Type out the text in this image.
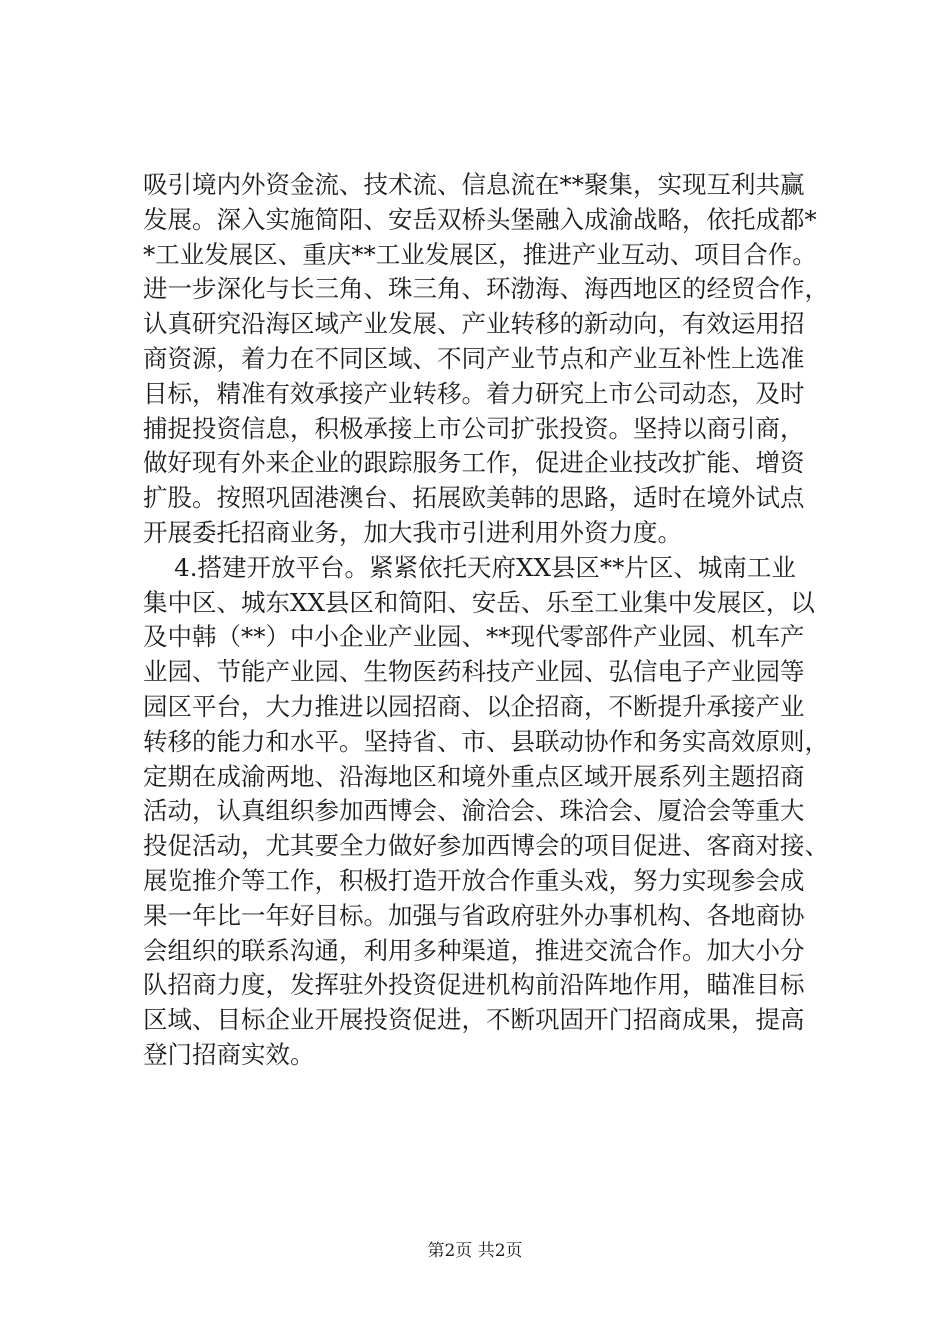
吸引境内外资金流、技术流、信息流在**聚集，实现互利共赢
发展。深入实施简阳、安岳双桥头堡融入成渝战略，依托成都*
*工业发展区、重庆**工业发展区，推进产业互动、项目合作。
进一步深化与长三角、珠三角、环渤海、海西地区的经贸合作，
认真研究沿海区域产业发展、产业转移的新动向，有效运用招
商资源，着力在不同区域、不同产业节点和产业互补性上选准
目标，精准有效承接产业转移。着力研究上市公司动态，及时
捕捉投资信息，积极承接上市公司扩张投资。坚持以商引商，
做好现有外来企业的跟踪服务工作，促进企业技改扩能、增资
扩股。按照巩固港澳台、拓展欧美韩的思路，适时在境外试点
开展委托招商业务，加大我市引进利用外资力度。
4.搭建开放平台。紧紧依托天府XX县区**片区、城南工业
集中区、城东XX县区和简阳、安岳、乐至工业集中发展区，以
及中韩（**）中小企业产业园、**现代零部件产业园、机车产
业园、节能产业园、生物医药科技产业园、弘信电子产业园等
园区平台，大力推进以园招商、以企招商，不断提升承接产业
转移的能力和水平。坚持省、市、县联动协作和务实高效原则，
定期在成渝两地、沿海地区和境外重点区域开展系列主题招商
活动，认真组织参加西博会、渝洽会、珠洽会、厦洽会等重大
投促活动，尤其要全力做好参加西博会的项目促进、客商对接、
展览推介等工作，积极打造开放合作重头戏，努力实现参会成
果一年比一年好目标。加强与省政府驻外办事机构、各地商协
会组织的联系沟通，利用多种渠道，推进交流合作。加大小分
队招商力度，发挥驻外投资促进机构前沿阵地作用，瞄准目标
区域、目标企业开展投资促进，不断巩固开门招商成果，提高
登门招商实效。
第2页 共2页
